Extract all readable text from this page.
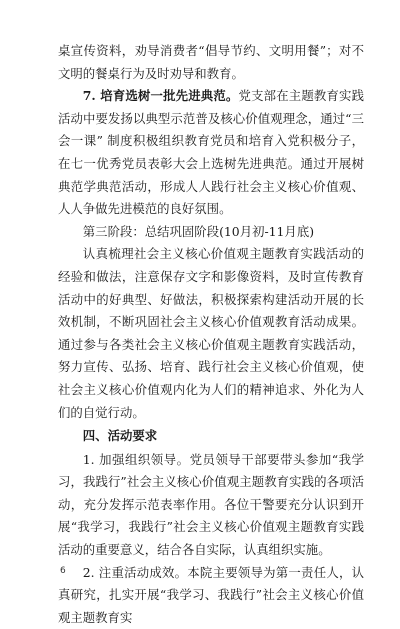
桌宣传资料，劝导消费者“倡导节约、文明用餐”；对不文明的餐桌行为及时劝导和教育。

7. 培育选树一批先进典范。党支部在主题教育实践活动中要发扬以典型示范普及核心价值观理念，通过“三会一课” 制度积极组织教育党员和培育入党积极分子，在七一优秀党员表彰大会上选树先进典范。通过开展树典范学典范活动，形成人人践行社会主义核心价值观、人人争做先进模范的良好氛围。

第三阶段：总结巩固阶段(10月初-11月底)

认真梳理社会主义核心价值观主题教育实践活动的经验和做法，注意保存文字和影像资料，及时宣传教育活动中的好典型、好做法，积极探索构建活动开展的长效机制，不断巩固社会主义核心价值观教育活动成果。通过参与各类社会主义核心价值观主题教育实践活动，努力宣传、弘扬、培育、践行社会主义核心价值观，使社会主义核心价值观内化为人们的精神追求、外化为人们的自觉行动。

四、活动要求

1. 加强组织领导。党员领导干部要带头参加“我学习，我践行”社会主义核心价值观主题教育实践的各项活动，充分发挥示范表率作用。各位干警要充分认识到开展“我学习，我践行”社会主义核心价值观主题教育实践活动的重要意义，结合各自实际，认真组织实施。

2. 注重活动成效。本院主要领导为第一责任人，认真研究，扎实开展“我学习、我践行”社会主义核心价值观主题教育实

6
